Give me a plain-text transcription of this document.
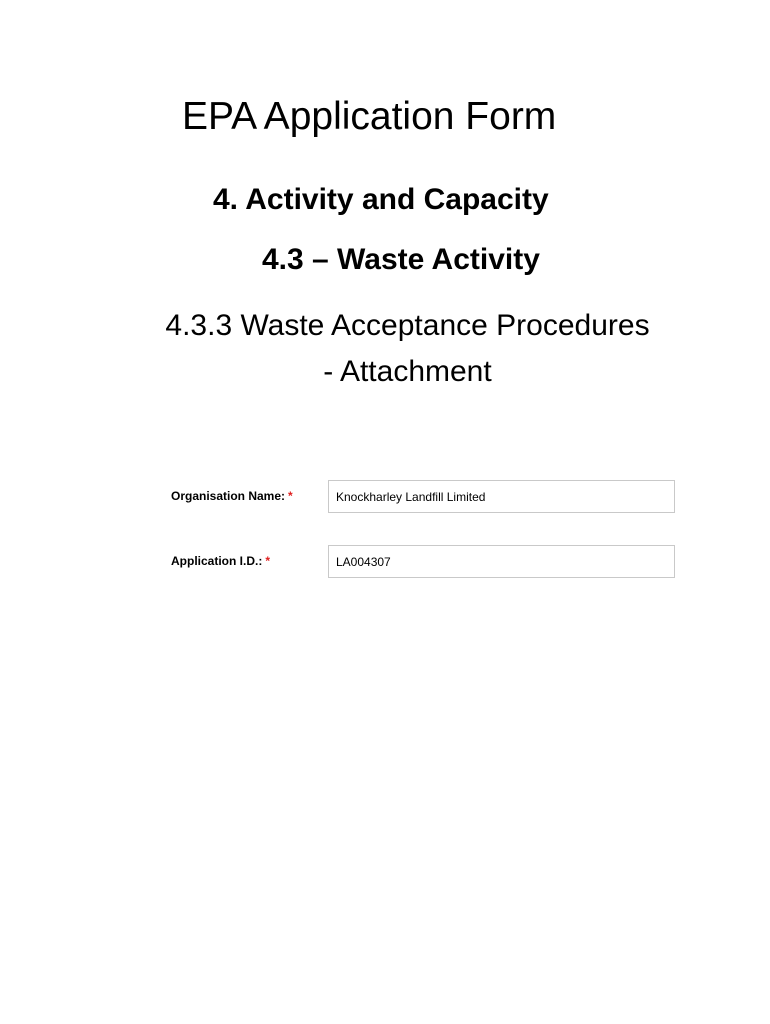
EPA Application Form
4. Activity and Capacity
4.3 – Waste Activity
4.3.3 Waste Acceptance Procedures
- Attachment
Organisation Name: *	Knockharley Landfill Limited
Application I.D.: *	LA004307
